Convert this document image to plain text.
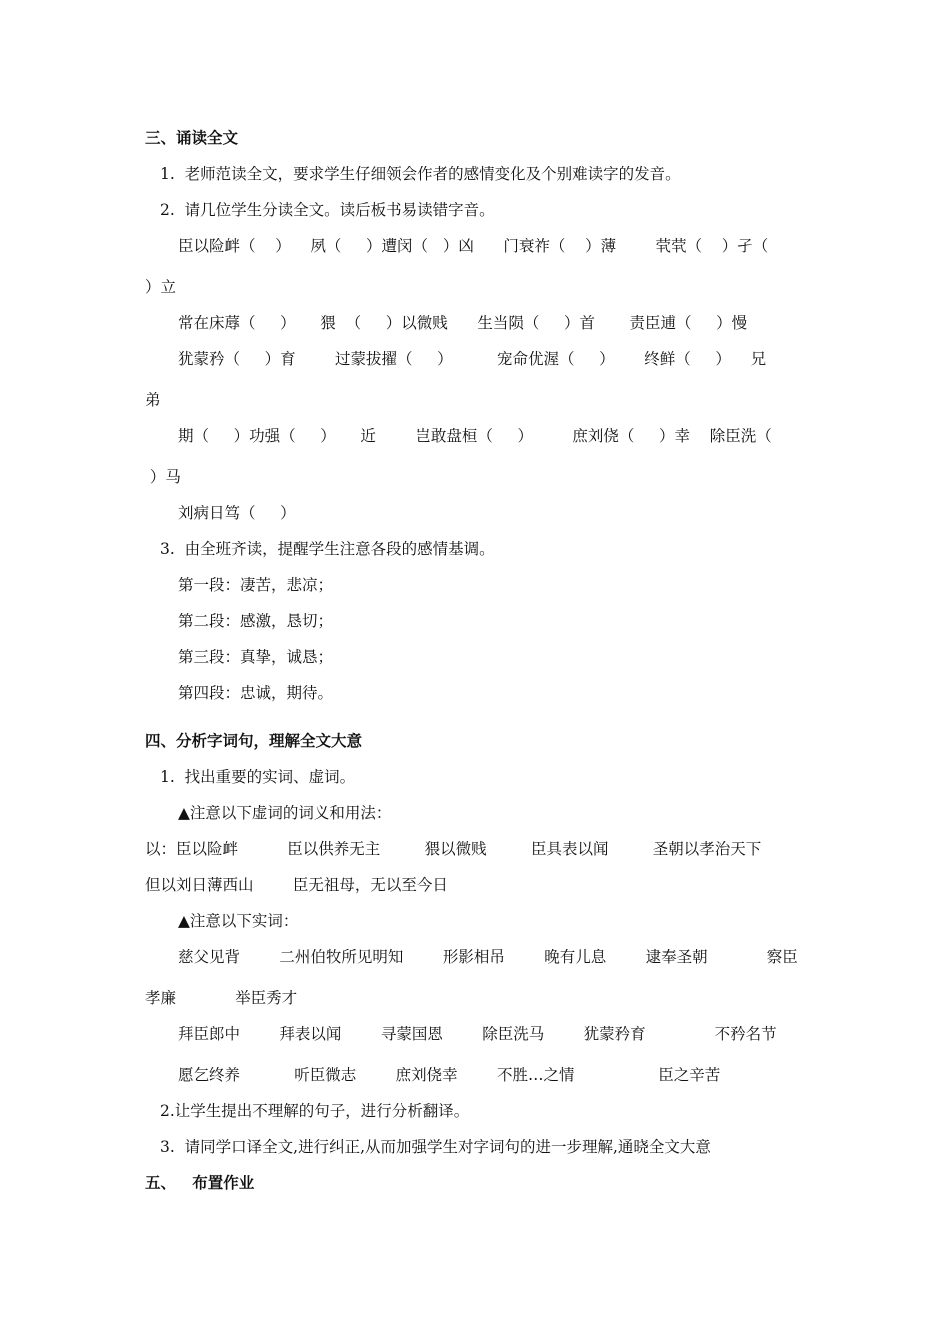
三、诵读全文
1.  老师范读全文，要求学生仔细领会作者的感情变化及个别难读字的发音。
2.  请几位学生分读全文。读后板书易读错字音。
臣以险衅（    ）    夙（     ）遭闵（   ）凶      门衰祚（    ）薄        茕茕（    ）孑（
）立
常在床蓐（     ）     猥  （     ）以微贱      生当陨（     ）首       责臣逋（     ）慢
犹蒙矜（     ）育        过蒙拔擢（     ）         宠命优渥（     ）      终鲜（     ）    兄
弟
期（     ）功强（     ）     近        岂敢盘桓（     ）        庶刘侥（     ）幸    除臣洗（
）马
刘病日笃（     ）
3.  由全班齐读，提醒学生注意各段的感情基调。
第一段：凄苦，悲凉；
第二段：感激，恳切；
第三段：真挚，诚恳；
第四段：忠诚，期待。
四、分析字词句，理解全文大意
1.  找出重要的实词、虚词。
▲注意以下虚词的词义和用法：
以：臣以险衅          臣以供养无主         猥以微贱         臣具表以闻         圣朝以孝治天下
但以刘日薄西山        臣无祖母，无以至今日
▲注意以下实词：
慈父见背        二州伯牧所见明知        形影相吊        晚有儿息        逮奉圣朝            察臣
孝廉            举臣秀才
拜臣郎中        拜表以闻        寻蒙国恩        除臣洗马        犹蒙矜育              不矜名节
愿乞终养           听臣微志        庶刘侥幸        不胜…之情                 臣之辛苦
2.让学生提出不理解的句子，进行分析翻译。
3.  请同学口译全文,进行纠正,从而加强学生对字词句的进一步理解,通晓全文大意
五、   布置作业
